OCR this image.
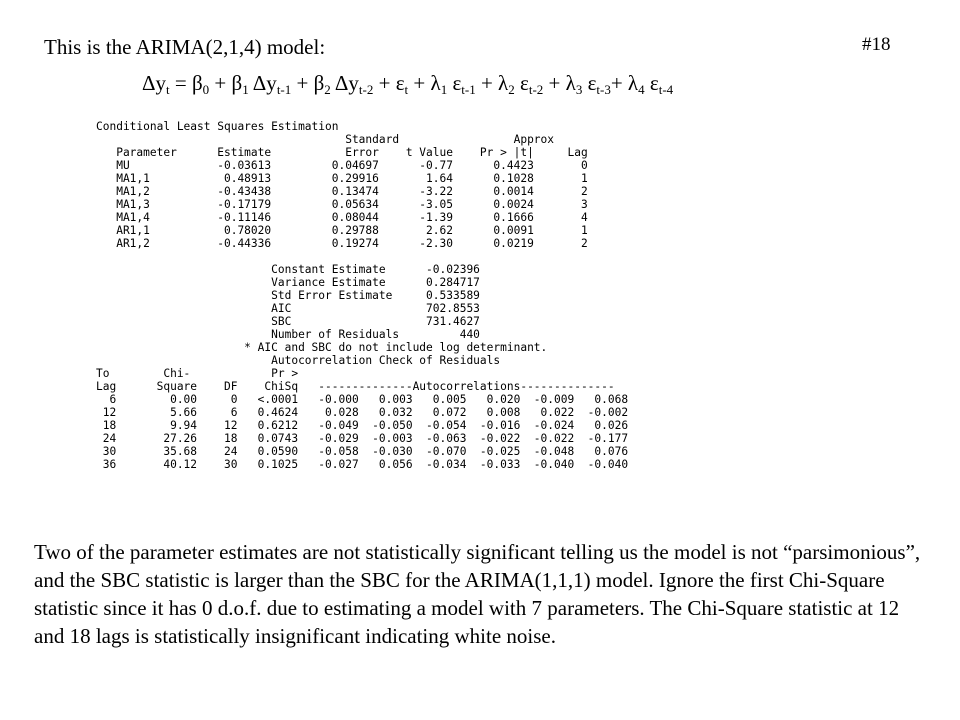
#18
This is the ARIMA(2,1,4) model:
$\Delta y_t = \beta_0 + \beta_1$ $\Delta y_{t-1} + \beta_2$ $\Delta y_{t-2} + \varepsilon_t + \lambda_1$ $\varepsilon_{t-1} + \lambda_2$ $\varepsilon_{t-2} + \lambda_3$ $\varepsilon_{t-3}+ \lambda_4$ $\varepsilon_{t-4}$
Conditional Least Squares Estimation
Standard                 Approx
Parameter      Estimate           Error    t Value    Pr > |t|     Lag
MU             -0.03613         0.04697      -0.77      0.4423       0
MA1,1           0.48913         0.29916       1.64      0.1028       1
MA1,2          -0.43438         0.13474      -3.22      0.0014       2
MA1,3          -0.17179         0.05634      -3.05      0.0024       3
MA1,4          -0.11146         0.08044      -1.39      0.1666       4
AR1,1           0.78020         0.29788       2.62      0.0091       1
AR1,2          -0.44336         0.19274      -2.30      0.0219       2
Constant Estimate      -0.02396
Variance Estimate      0.284717
Std Error Estimate     0.533589
AIC                    702.8553
SBC                    731.4627
Number of Residuals         440
* AIC and SBC do not include log determinant.
Autocorrelation Check of Residuals
To        Chi-            Pr >
Lag      Square    DF    ChiSq   --------------Autocorrelations--------------
6        0.00     0   <.0001   -0.000   0.003   0.005   0.020  -0.009   0.068
12        5.66     6   0.4624    0.028   0.032   0.072   0.008   0.022  -0.002
18        9.94    12   0.6212   -0.049  -0.050  -0.054  -0.016  -0.024   0.026
24       27.26    18   0.0743   -0.029  -0.003  -0.063  -0.022  -0.022  -0.177
30       35.68    24   0.0590   -0.058  -0.030  -0.070  -0.025  -0.048   0.076
36       40.12    30   0.1025   -0.027   0.056  -0.034  -0.033  -0.040  -0.040
Two of the parameter estimates are not statistically significant telling us the model is not “parsimonious”, and the SBC statistic is larger than the SBC for the ARIMA(1,1,1) model. Ignore the first Chi-Square statistic since it has 0 d.o.f. due to estimating a model with 7 parameters. The Chi-Square statistic at 12 and 18 lags is statistically insignificant indicating white noise.
